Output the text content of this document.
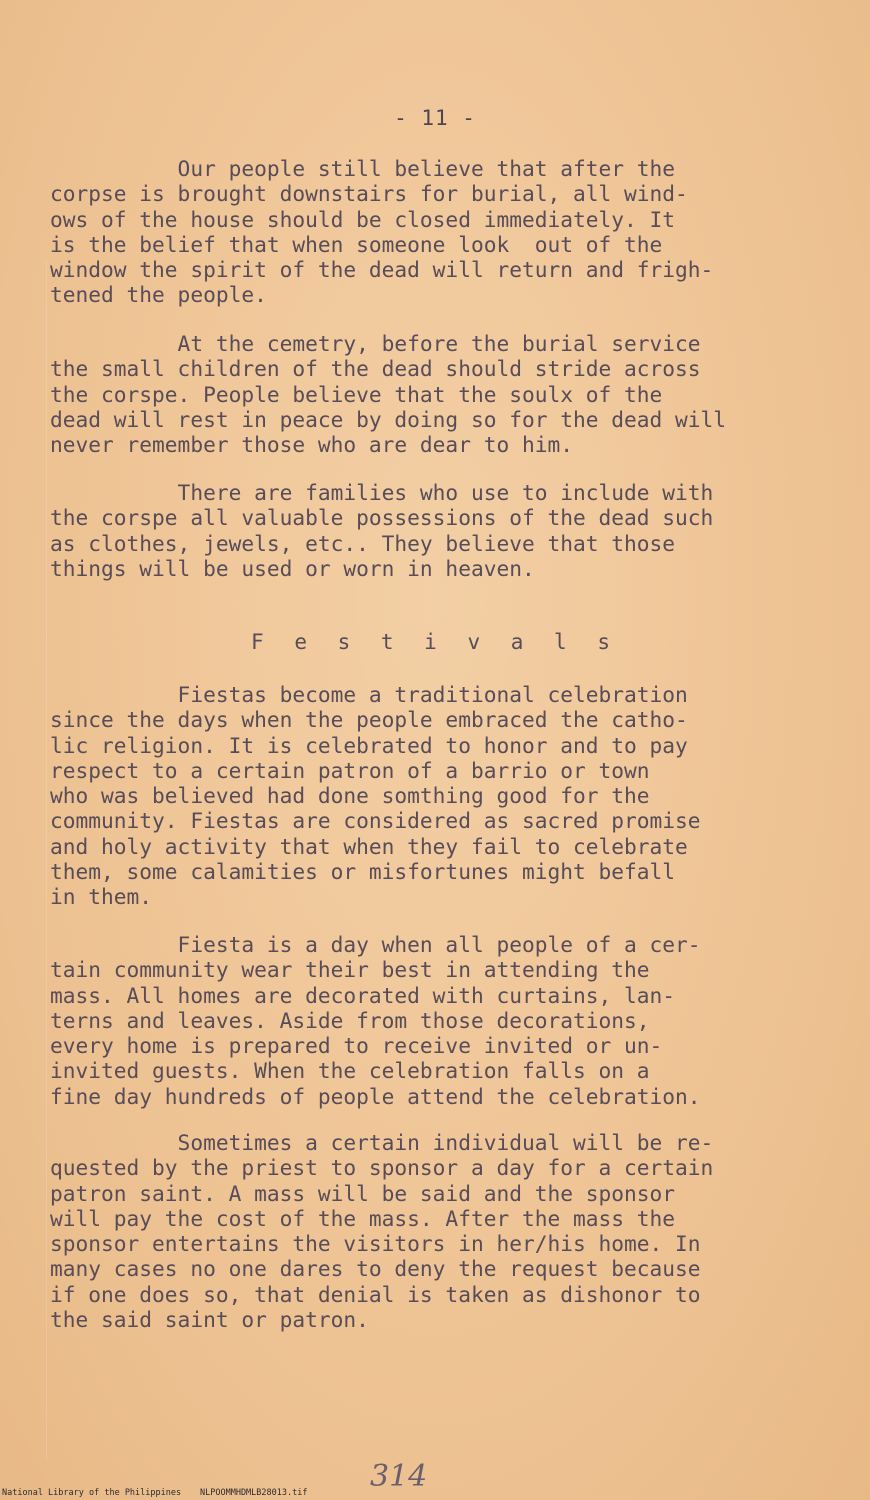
- 11 -

Our people still believe that after the
corpse is brought downstairs for burial, all wind-
ows of the house should be closed immediately. It
is the belief that when someone look  out of the
window the spirit of the dead will return and frigh-
tened the people.

At the cemetry, before the burial service
the small children of the dead should stride across
the corspe. People believe that the soulx of the
dead will rest in peace by doing so for the dead will
never remember those who are dear to him.

There are families who use to include with
the corspe all valuable possessions of the dead such
as clothes, jewels, etc.. They believe that those
things will be used or worn in heaven.

F e s t i v a l s

Fiestas become a traditional celebration
since the days when the people embraced the catho-
lic religion. It is celebrated to honor and to pay
respect to a certain patron of a barrio or town
who was believed had done somthing good for the
community. Fiestas are considered as sacred promise
and holy activity that when they fail to celebrate
them, some calamities or misfortunes might befall
in them.

Fiesta is a day when all people of a cer-
tain community wear their best in attending the
mass. All homes are decorated with curtains, lan-
terns and leaves. Aside from those decorations,
every home is prepared to receive invited or un-
invited guests. When the celebration falls on a
fine day hundreds of people attend the celebration.

Sometimes a certain individual will be re-
quested by the priest to sponsor a day for a certain
patron saint. A mass will be said and the sponsor
will pay the cost of the mass. After the mass the
sponsor entertains the visitors in her/his home. In
many cases no one dares to deny the request because
if one does so, that denial is taken as dishonor to
the said saint or patron.

314
National Library of the Philippines NLPOOMMHDMLB28013.tif
